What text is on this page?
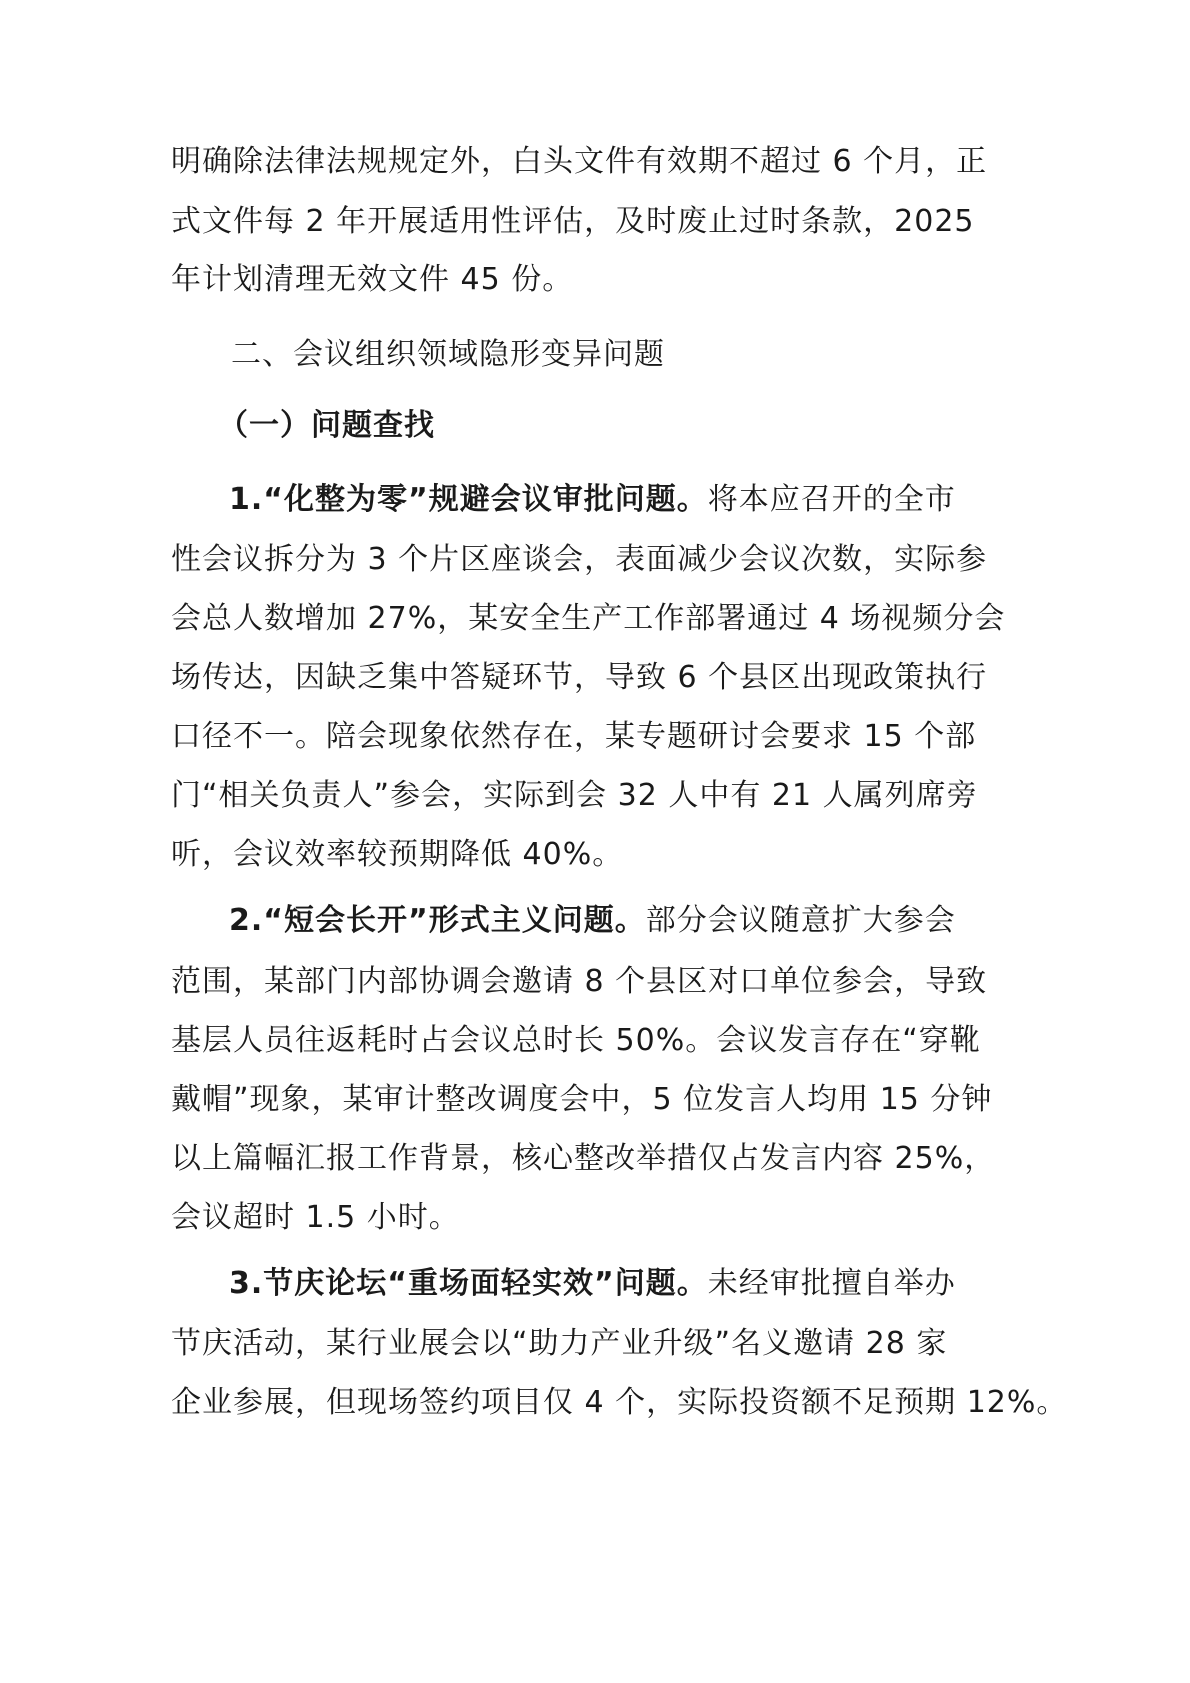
明确除法律法规规定外，白头文件有效期不超过 6 个月，正
式文件每 2 年开展适用性评估，及时废止过时条款，2025
年计划清理无效文件 45 份。
二、会议组织领域隐形变异问题
（一）问题查找
1.“化整为零”规避会议审批问题。将本应召开的全市
性会议拆分为 3 个片区座谈会，表面减少会议次数，实际参
会总人数增加 27%，某安全生产工作部署通过 4 场视频分会
场传达，因缺乏集中答疑环节，导致 6 个县区出现政策执行
口径不一。陪会现象依然存在，某专题研讨会要求 15 个部
门“相关负责人”参会，实际到会 32 人中有 21 人属列席旁
听，会议效率较预期降低 40%。
2.“短会长开”形式主义问题。部分会议随意扩大参会
范围，某部门内部协调会邀请 8 个县区对口单位参会，导致
基层人员往返耗时占会议总时长 50%。会议发言存在“穿靴
戴帽”现象，某审计整改调度会中，5 位发言人均用 15 分钟
以上篇幅汇报工作背景，核心整改举措仅占发言内容 25%，
会议超时 1.5 小时。
3.节庆论坛“重场面轻实效”问题。未经审批擅自举办
节庆活动，某行业展会以“助力产业升级”名义邀请 28 家
企业参展，但现场签约项目仅 4 个，实际投资额不足预期 12%。
